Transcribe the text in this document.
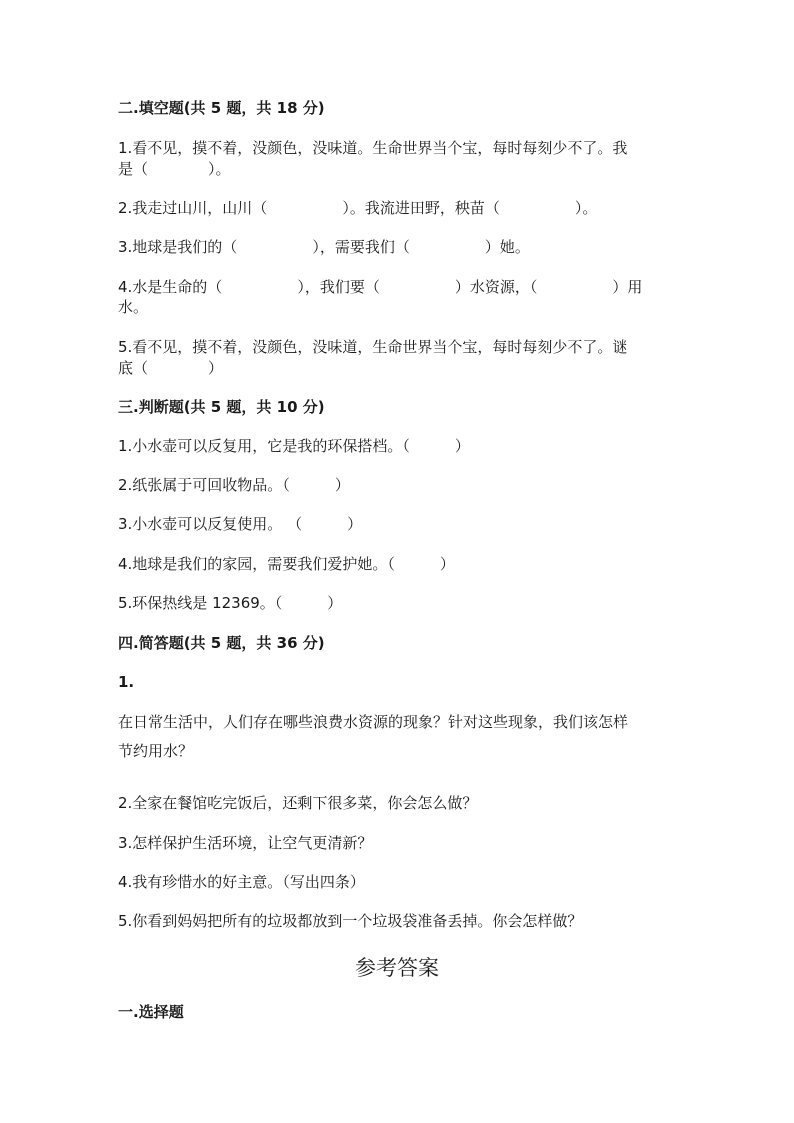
二.填空题(共 5 题，共 18 分)
1.看不见，摸不着，没颜色，没味道。生命世界当个宝，每时每刻少不了。我
是（　　　　）。
2.我走过山川，山川（　　　　　）。我流进田野，秧苗（　　　　　）。
3.地球是我们的（　　　　　），需要我们（　　　　　）她。
4.水是生命的（　　　　　），我们要（　　　　　）水资源，（　　　　　）用
水。
5.看不见，摸不着，没颜色，没味道，生命世界当个宝，每时每刻少不了。谜
底（　　　　）
三.判断题(共 5 题，共 10 分)
1.小水壶可以反复用，它是我的环保搭档。（　　　）
2.纸张属于可回收物品。（　　　）
3.小水壶可以反复使用。 （　　　）
4.地球是我们的家园，需要我们爱护她。（　　　）
5.环保热线是 12369。（　　　）
四.简答题(共 5 题，共 36 分)
1.
在日常生活中，人们存在哪些浪费水资源的现象？针对这些现象，我们该怎样
节约用水？
2.全家在餐馆吃完饭后，还剩下很多菜，你会怎么做？
3.怎样保护生活环境，让空气更清新？
4.我有珍惜水的好主意。（写出四条）
5.你看到妈妈把所有的垃圾都放到一个垃圾袋准备丢掉。你会怎样做？
参考答案
一.选择题
